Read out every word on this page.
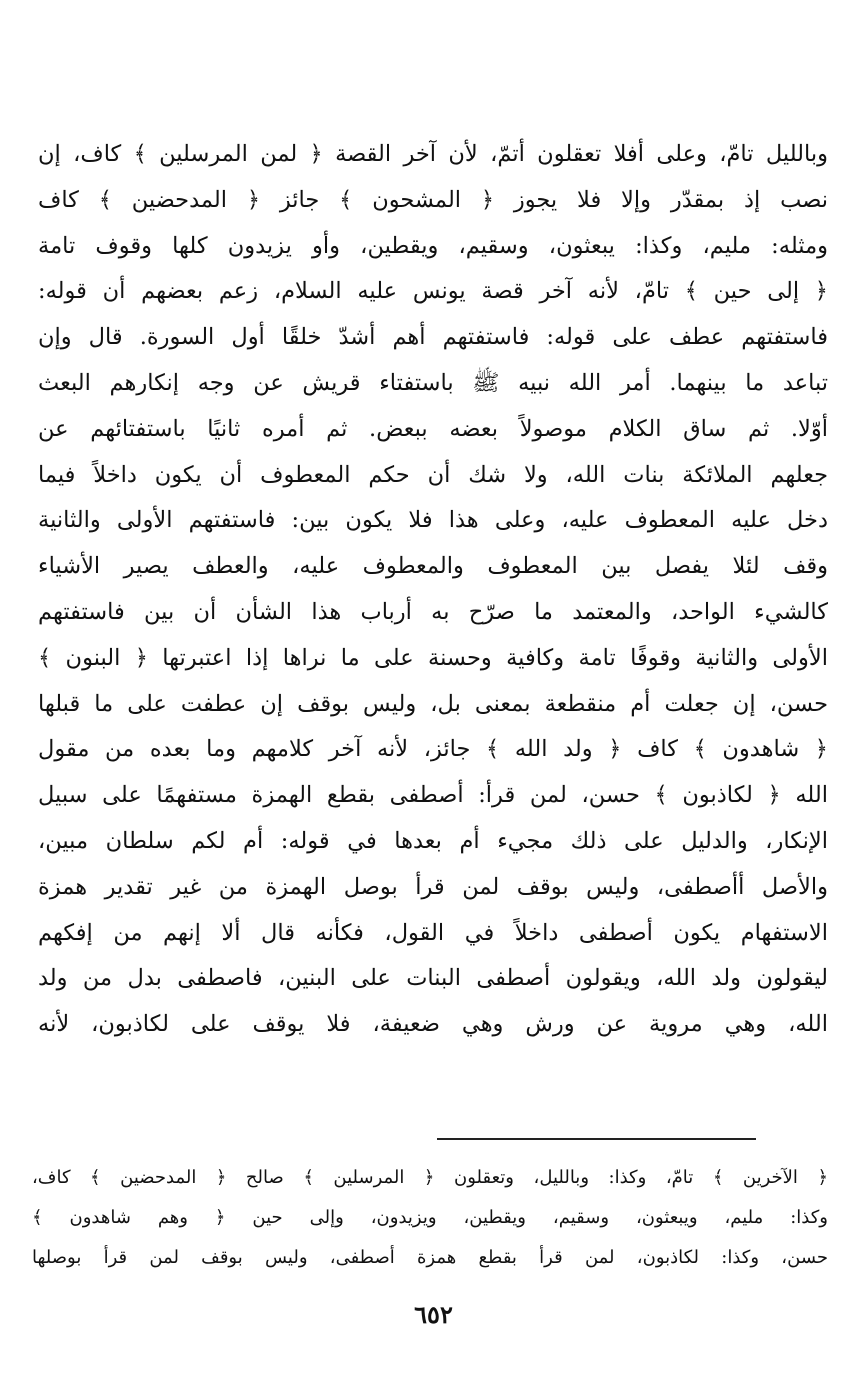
وبالليل تامّ، وعلى أفلا تعقلون أتمّ، لأن آخر القصة ﴿ لمن المرسلين ﴾ كاف، إن
نصب إذ بمقدّر وإلا فلا يجوز ﴿ المشحون ﴾ جائز ﴿ المدحضين ﴾ كاف
ومثله: مليم، وكذا: يبعثون، وسقيم، ويقطين، وأو يزيدون كلها وقوف تامة
﴿ إلى حين ﴾ تامّ، لأنه آخر قصة يونس عليه السلام، زعم بعضهم أن قوله:
فاستفتهم عطف على قوله: فاستفتهم أهم أشدّ خلقًا أول السورة. قال وإن
تباعد ما بينهما. أمر الله نبيه ﷺ باستفتاء قريش عن وجه إنكارهم البعث
أوّلا. ثم ساق الكلام موصولاً بعضه ببعض. ثم أمره ثانيًا باستفتائهم عن
جعلهم الملائكة بنات الله، ولا شك أن حكم المعطوف أن يكون داخلاً فيما
دخل عليه المعطوف عليه، وعلى هذا فلا يكون بين: فاستفتهم الأولى والثانية
وقف لئلا يفصل بين المعطوف والمعطوف عليه، والعطف يصير الأشياء
كالشيء الواحد، والمعتمد ما صرّح به أرباب هذا الشأن أن بين فاستفتهم
الأولى والثانية وقوفًا تامة وكافية وحسنة على ما نراها إذا اعتبرتها ﴿ البنون ﴾
حسن، إن جعلت أم منقطعة بمعنى بل، وليس بوقف إن عطفت على ما قبلها
﴿ شاهدون ﴾ كاف ﴿ ولد الله ﴾ جائز، لأنه آخر كلامهم وما بعده من مقول
الله ﴿ لكاذبون ﴾ حسن، لمن قرأ: أصطفى بقطع الهمزة مستفهمًا على سبيل
الإنكار، والدليل على ذلك مجيء أم بعدها في قوله: أم لكم سلطان مبين،
والأصل أأصطفى، وليس بوقف لمن قرأ بوصل الهمزة من غير تقدير همزة
الاستفهام يكون أصطفى داخلاً في القول، فكأنه قال ألا إنهم من إفكهم
ليقولون ولد الله، ويقولون أصطفى البنات على البنين، فاصطفى بدل من ولد
الله، وهي مروية عن ورش وهي ضعيفة، فلا يوقف على لكاذبون، لأنه
﴿ الآخرين ﴾ تامّ، وكذا: وبالليل، وتعقلون ﴿ المرسلين ﴾ صالح ﴿ المدحضين ﴾ كاف،
وكذا: مليم، ويبعثون، وسقيم، ويقطين، ويزيدون، وإلى حين ﴿ وهم شاهدون ﴾
حسن، وكذا: لكاذبون، لمن قرأ بقطع همزة أصطفى، وليس بوقف لمن قرأ بوصلها
٦٥٢
